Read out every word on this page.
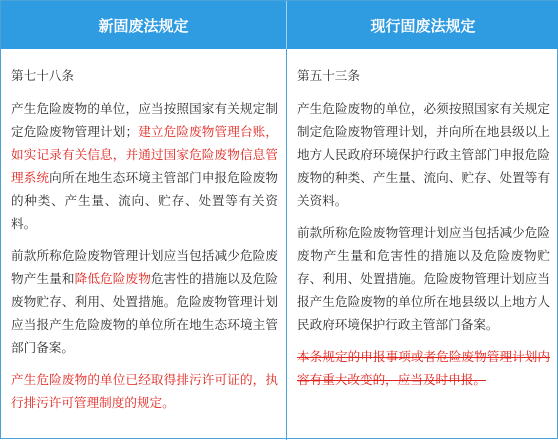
新固废法规定	现行固废法规定
第七十八条
产生危险废物的单位，应当按照国家有关规定制定危险废物管理计划；建立危险废物管理台账，如实记录有关信息，并通过国家危险废物信息管理系统向所在地生态环境主管部门申报危险废物的种类、产生量、流向、贮存、处置等有关资料。
前款所称危险废物管理计划应当包括减少危险废物产生量和降低危险废物危害性的措施以及危险废物贮存、利用、处置措施。危险废物管理计划应当报产生危险废物的单位所在地生态环境主管部门备案。
产生危险废物的单位已经取得排污许可证的，执行排污许可管理制度的规定。
第五十三条
产生危险废物的单位，必须按照国家有关规定制定危险废物管理计划，并向所在地县级以上地方人民政府环境保护行政主管部门申报危险废物的种类、产生量、流向、贮存、处置等有关资料。
前款所称危险废物管理计划应当包括减少危险废物产生量和危害性的措施以及危险废物贮存、利用、处置措施。危险废物管理计划应当报产生危险废物的单位所在地县级以上地方人民政府环境保护行政主管部门备案。
本条规定的申报事项或者危险废物管理计划内容有重大改变的，应当及时申报。
